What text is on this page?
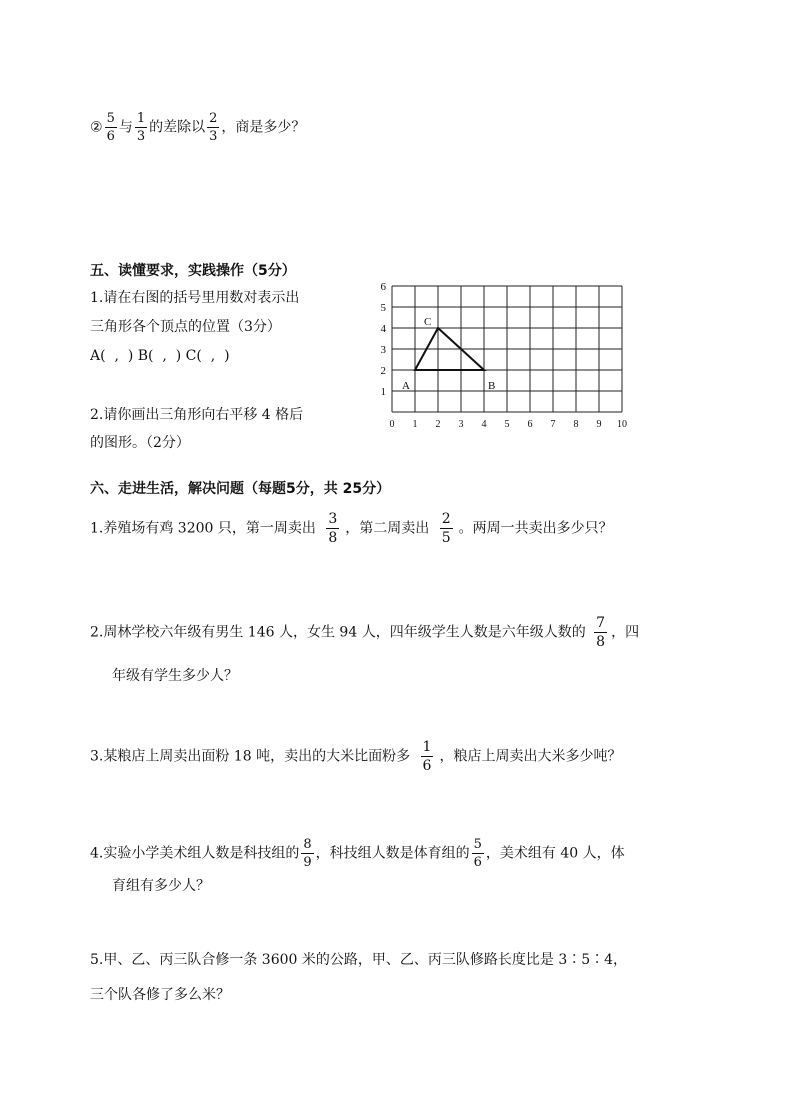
② $\frac{5}{6}$ 与 $\frac{1}{3}$ 的差除以 $\frac{2}{3}$ ，商是多少？
五、读懂要求，实践操作（5分）
1.请在右图的括号里用数对表示出
三角形各个顶点的位置（3分）
A(  ,  ) B(  ,  ) C(  ,  )
2.请你画出三角形向右平移 4 格后
的图形。（2分）
0 1 2 3 4 5 6 7 8 9 10
1
2
3
4
5
6
A	B
C
六、走进生活，解决问题（每题5分，共 25分）
1.养殖场有鸡 3200 只，第一周卖出 $\frac{3}{8}$ ，第二周卖出 $\frac{2}{5}$ 。两周一共卖出多少只？
2.周林学校六年级有男生 146 人，女生 94 人，四年级学生人数是六年级人数的 $\frac{7}{8}$ ，四
年级有学生多少人？
3.某粮店上周卖出面粉 18 吨，卖出的大米比面粉多 $\frac{1}{6}$ ，粮店上周卖出大米多少吨？
4.实验小学美术组人数是科技组的 $\frac{8}{9}$ ，科技组人数是体育组的 $\frac{5}{6}$ ，美术组有 40 人，体
育组有多少人？
5.甲、乙、丙三队合修一条 3600 米的公路，甲、乙、丙三队修路长度比是 3∶5∶4，
三个队各修了多么米？
